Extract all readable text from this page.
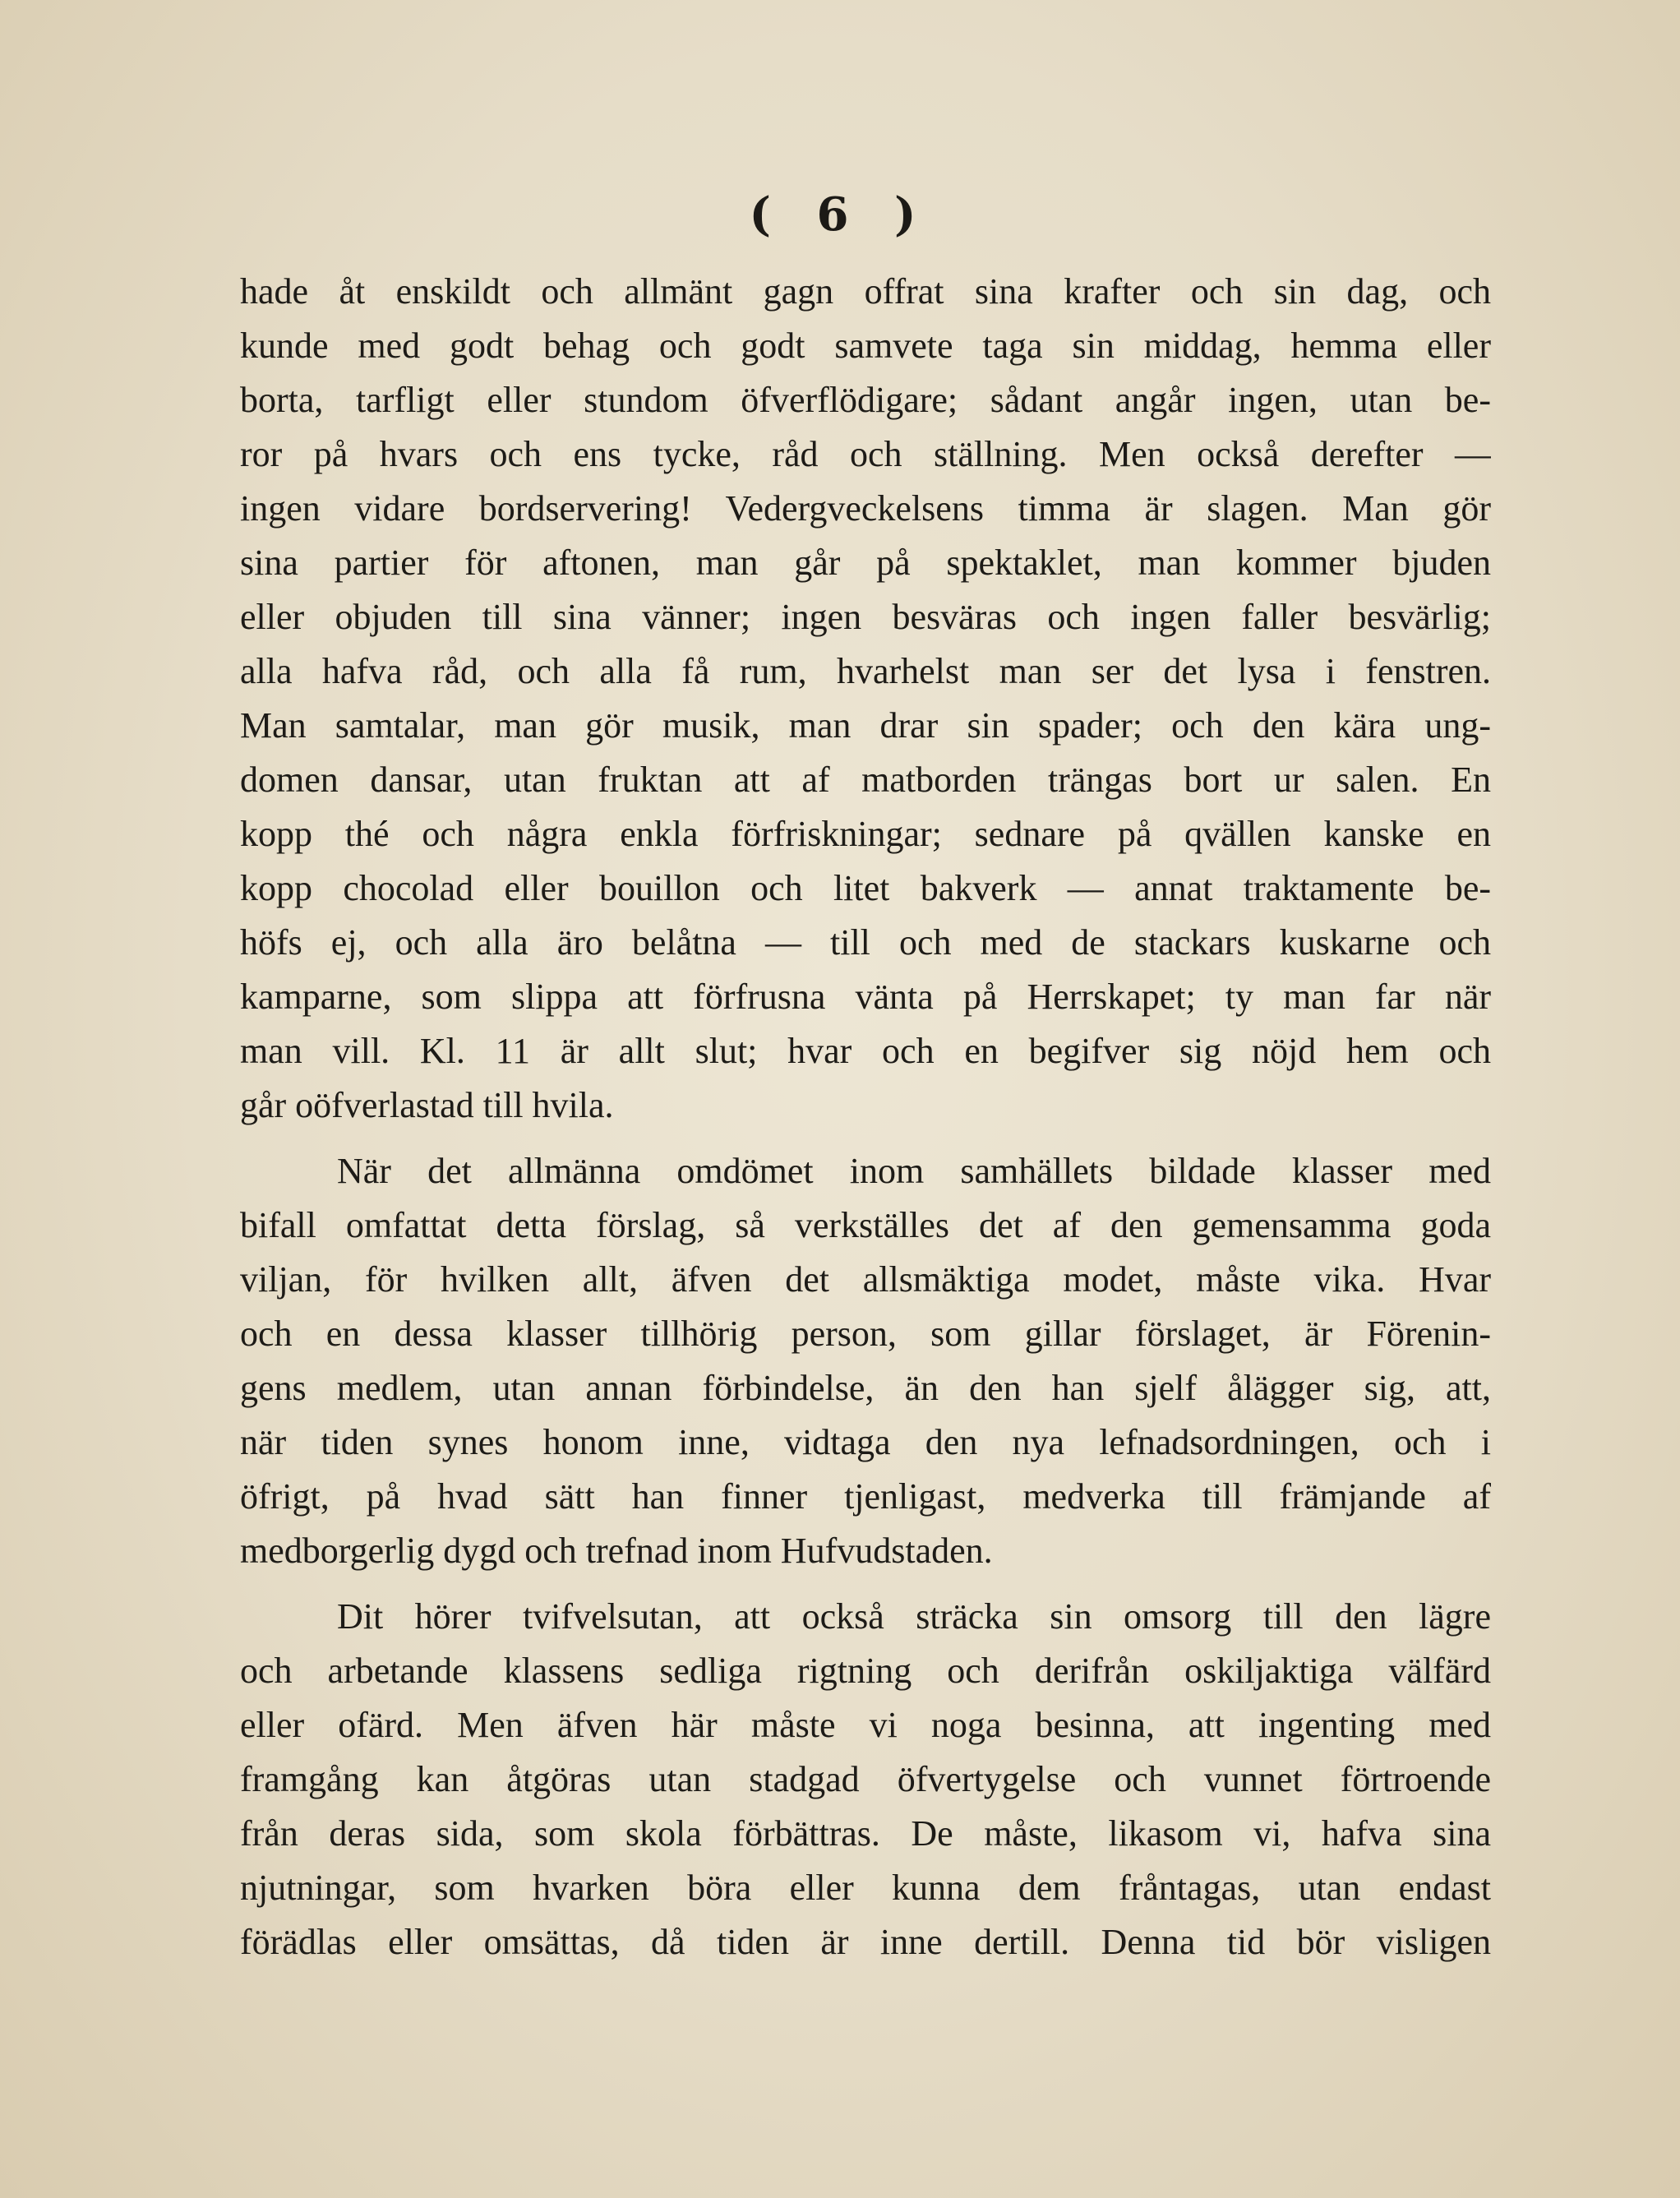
( 6 )
hade åt enskildt och allmänt gagn offrat sina krafter och sin dag, och
kunde med godt behag och godt samvete taga sin middag, hemma eller
borta, tarfligt eller stundom öfverflödigare; sådant angår ingen, utan be-
ror på hvars och ens tycke, råd och ställning. Men också derefter —
ingen vidare bordservering! Vedergveckelsens timma är slagen. Man gör
sina partier för aftonen, man går på spektaklet, man kommer bjuden
eller objuden till sina vänner; ingen besväras och ingen faller besvärlig;
alla hafva råd, och alla få rum, hvarhelst man ser det lysa i fenstren.
Man samtalar, man gör musik, man drar sin spader; och den kära ung-
domen dansar, utan fruktan att af matborden trängas bort ur salen. En
kopp thé och några enkla förfriskningar; sednare på qvällen kanske en
kopp chocolad eller bouillon och litet bakverk — annat traktamente be-
höfs ej, och alla äro belåtna — till och med de stackars kuskarne och
kamparne, som slippa att förfrusna vänta på Herrskapet; ty man far när
man vill. Kl. 11 är allt slut; hvar och en begifver sig nöjd hem och
går oöfverlastad till hvila.
När det allmänna omdömet inom samhällets bildade klasser med
bifall omfattat detta förslag, så verkställes det af den gemensamma goda
viljan, för hvilken allt, äfven det allsmäktiga modet, måste vika. Hvar
och en dessa klasser tillhörig person, som gillar förslaget, är Förenin-
gens medlem, utan annan förbindelse, än den han sjelf ålägger sig, att,
när tiden synes honom inne, vidtaga den nya lefnadsordningen, och i
öfrigt, på hvad sätt han finner tjenligast, medverka till främjande af
medborgerlig dygd och trefnad inom Hufvudstaden.
Dit hörer tvifvelsutan, att också sträcka sin omsorg till den lägre
och arbetande klassens sedliga rigtning och derifrån oskiljaktiga välfärd
eller ofärd. Men äfven här måste vi noga besinna, att ingenting med
framgång kan åtgöras utan stadgad öfvertygelse och vunnet förtroende
från deras sida, som skola förbättras. De måste, likasom vi, hafva sina
njutningar, som hvarken böra eller kunna dem fråntagas, utan endast
förädlas eller omsättas, då tiden är inne dertill. Denna tid bör visligen
